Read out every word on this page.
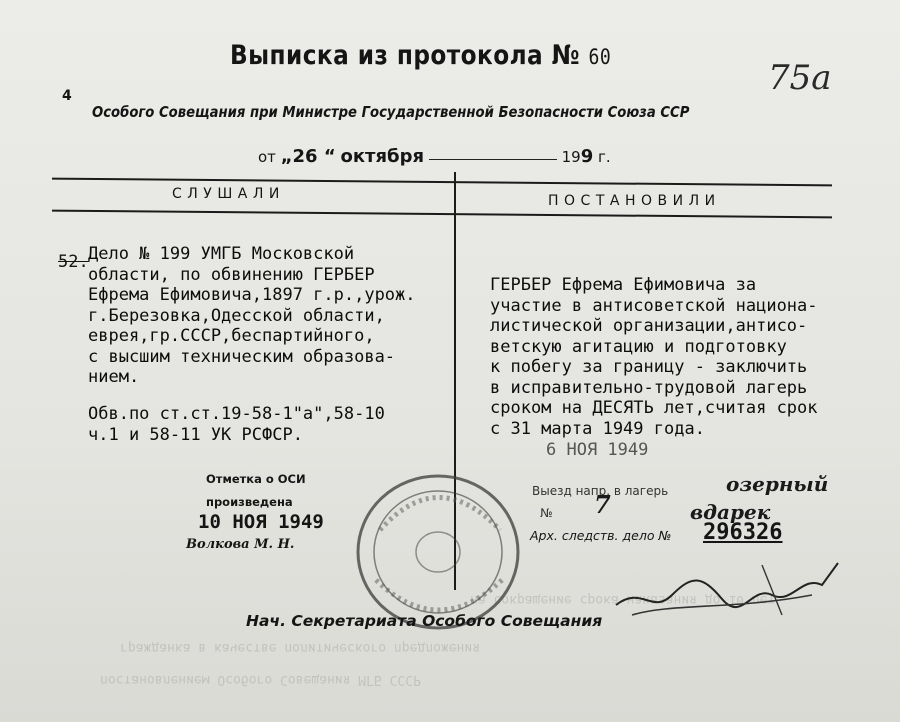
гражданка в качестве политического предложения
постановлением Особого Совещания МГБ СССР
на сокращение срока наказания до 10 лет
4
Выписка из протокола № 60
75а
Особого Совещания при Министре Государственной Безопасности Союза ССР
от „26 “ октября	199 г.
СЛУШАЛИ	ПОСТАНОВИЛИ
52. Дело № 199 УМГБ Московской
области, по обвинению ГЕРБЕР
Ефрема Ефимовича,1897 г.р.,урож.
г.Березовка,Одесской области,
еврея,гр.СССР,беспартийного,
с высшим техническим образова-
нием.
Обв.по ст.ст.19-58-1"а",58-10
ч.1 и 58-11 УК РСФСР.
ГЕРБЕР Ефрема Ефимовича за
участие в антисоветской национа-
листической организации,антисо-
ветскую агитацию и подготовку
к побегу за границу - заключить
в исправительно-трудовой лагерь
сроком на ДЕСЯТЬ лет,считая срок
с 31 марта 1949 года.
6 НОЯ 1949
Отметка о ОСИ
произведена
10 НОЯ 1949
Волкова М. Н.
Выезд напр. в лагерь	озерный
№ 7	вдарек
Арх. следств. дело № 296326
Нач. Секретариата Особого Совещания
